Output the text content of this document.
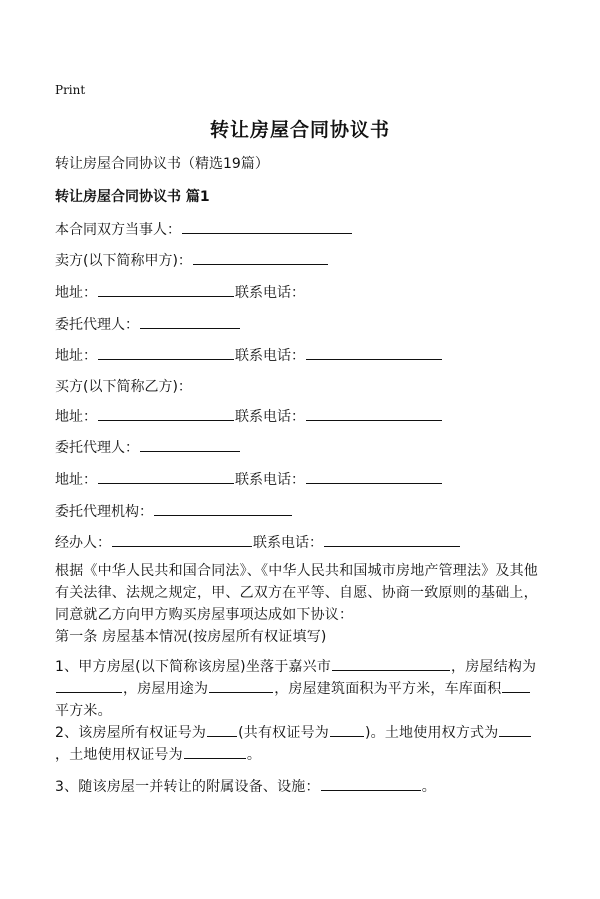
Print
转让房屋合同协议书
转让房屋合同协议书（精选19篇）
转让房屋合同协议书 篇1
本合同双方当事人：
卖方(以下简称甲方)：
地址：	联系电话：
委托代理人：
地址：	联系电话：
买方(以下简称乙方)：
地址：	联系电话：
委托代理人：
地址：	联系电话：
委托代理机构：
经办人：	联系电话：
根据《中华人民共和国合同法》、《中华人民共和国城市房地产管理法》及其他有关法律、法规之规定，甲、乙双方在平等、自愿、协商一致原则的基础上，同意就乙方向甲方购买房屋事项达成如下协议：
第一条 房屋基本情况(按房屋所有权证填写)
1、甲方房屋(以下简称该房屋)坐落于嘉兴市	，房屋结构为，房屋用途为	，房屋建筑面积为平方米，车库面积平方米。
2、该房屋所有权证号为 (共有权证号为	)。土地使用权方式为，土地使用权证号为	。
3、随该房屋一并转让的附属设备、设施：	。
